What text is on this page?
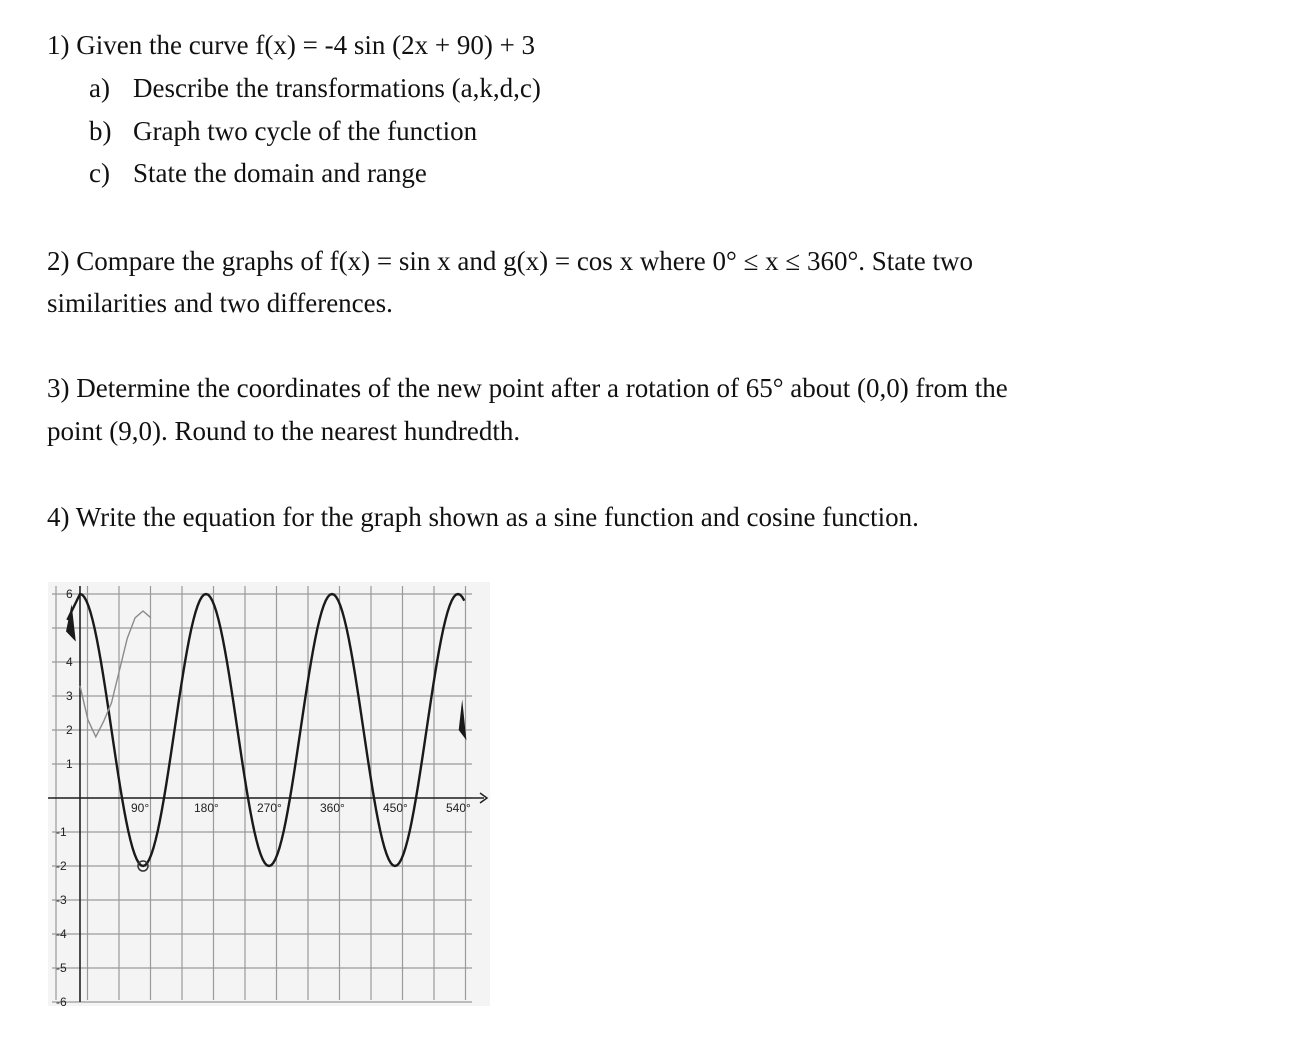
1) Given the curve f(x) = -4 sin (2x + 90) + 3
a) Describe the transformations (a,k,d,c)
b) Graph two cycle of the function
c) State the domain and range
2) Compare the graphs of f(x) = sin x and g(x) = cos x where 0° ≤ x ≤ 360°. State two
similarities and two differences.
3) Determine the coordinates of the new point after a rotation of 65° about (0,0) from the
point (9,0). Round to the nearest hundredth.
4) Write the equation for the graph shown as a sine function and cosine function.
90°	180°	270°	360°	450°	540°
6
4
3
2
1
-1
-2
-3
-4
-5
-6
